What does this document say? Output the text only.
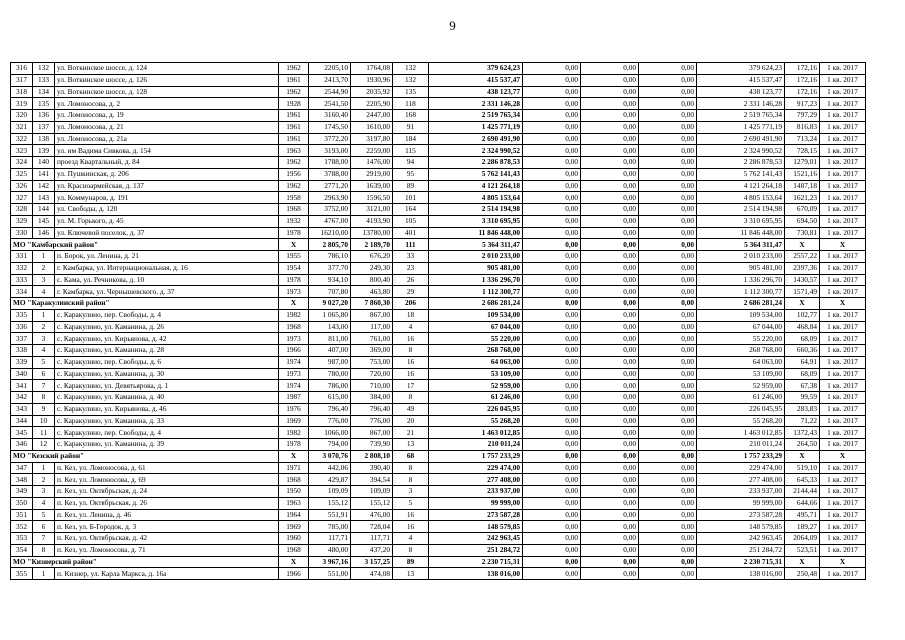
9
316	132	ул. Воткинское шоссе, д. 124	1962	2205,10	1764,08	132	379 624,23	0,00	0,00	0,00	379 624,23	172,16	1 кв. 2017
317	133	ул. Воткинское шоссе, д. 126	1961	2413,70	1930,96	132	415 537,47	0,00	0,00	0,00	415 537,47	172,16	1 кв. 2017
318	134	ул. Воткинское шоссе, д. 128	1962	2544,90	2035,92	135	438 123,77	0,00	0,00	0,00	438 123,77	172,16	1 кв. 2017
319	135	ул. Ломоносова, д. 2	1928	2541,50	2205,90	118	2 331 146,28	0,00	0,00	0,00	2 331 146,28	917,23	1 кв. 2017
320	136	ул. Ломоносова, д. 19	1961	3160,40	2447,00	168	2 519 765,34	0,00	0,00	0,00	2 519 765,34	797,29	1 кв. 2017
321	137	ул. Ломоносова, д. 21	1961	1745,50	1610,00	91	1 425 771,19	0,00	0,00	0,00	1 425 771,19	816,83	1 кв. 2017
322	138	ул. Ломоносова, д. 21а	1961	3772,20	3197,80	184	2 690 491,90	0,00	0,00	0,00	2 690 491,90	713,24	1 кв. 2017
323	139	ул. им Вадима Сивкова, д. 154	1963	3193,00	2259,00	115	2 324 990,52	0,00	0,00	0,00	2 324 990,52	728,15	1 кв. 2017
324	140	проезд Квартальный, д. 84	1962	1788,00	1476,00	94	2 286 878,53	0,00	0,00	0,00	2 286 878,53	1279,01	1 кв. 2017
325	141	ул. Пушкинская, д. 206	1956	3788,00	2919,00	95	5 762 141,43	0,00	0,00	0,00	5 762 141,43	1521,16	1 кв. 2017
326	142	ул. Красноармейская, д. 137	1962	2771,20	1639,00	89	4 121 264,18	0,00	0,00	0,00	4 121 264,18	1487,18	1 кв. 2017
327	143	ул. Коммунаров, д. 191	1958	2963,90	1596,50	101	4 805 153,64	0,00	0,00	0,00	4 805 153,64	1621,23	1 кв. 2017
328	144	ул. Свободы, д. 120	1968	3752,00	3121,00	164	2 514 194,98	0,00	0,00	0,00	2 514 194,98	670,09	1 кв. 2017
329	145	ул. М. Горького, д. 45	1932	4767,00	4193,90	105	3 310 695,95	0,00	0,00	0,00	3 310 695,95	694,50	1 кв. 2017
330	146	ул. Ключевой поселок, д. 37	1978	16210,00	13780,00	401	11 846 448,00	0,00	0,00	0,00	11 846 448,00	730,81	1 кв. 2017
МО "Камбарский район"			X	2 805,70	2 189,70	111	5 364 311,47	0,00	0,00	0,00	5 364 311,47	X	X
331	1	п. Борок, ул. Ленина, д. 21	1955	786,10	676,20	33	2 010 233,00	0,00	0,00	0,00	2 010 233,00	2557,22	1 кв. 2017
332	2	г. Камбарка, ул. Интернациональная, д. 16	1954	377,70	249,30	23	905 481,00	0,00	0,00	0,00	905 481,00	2397,36	1 кв. 2017
333	3	с. Кама, ул. Речникова, д. 10	1978	934,10	800,40	26	1 336 296,70	0,00	0,00	0,00	1 336 296,70	1430,57	1 кв. 2017
334	4	г. Камбарка, ул. Чернышевского, д. 37	1973	707,80	463,80	29	1 112 300,77	0,00	0,00	0,00	1 112 300,77	1571,49	1 кв. 2017
МО "Каракулинский район"			X	9 027,20	7 860,30	206	2 686 281,24	0,00	0,00	0,00	2 686 281,24	X	X
335	1	с. Каракулино, пер. Свободы, д. 4	1982	1 065,80	867,00	18	109 534,00	0,00	0,00	0,00	109 534,00	102,77	1 кв. 2017
336	2	с. Каракулино, ул. Каманина, д. 26	1968	143,00	117,00	4	67 044,00	0,00	0,00	0,00	67 044,00	468,84	1 кв. 2017
337	3	с. Каракулино, ул. Кирьянова, д. 42	1973	811,00	761,00	16	55 220,00	0,00	0,00	0,00	55 220,00	68,09	1 кв. 2017
338	4	с. Каракулино, ул. Каманина, д. 28	1966	407,00	369,00	8	268 768,00	0,00	0,00	0,00	268 768,00	660,36	1 кв. 2017
339	5	с. Каракулино, пер. Свободы, д. 6	1974	987,00	753,00	16	64 063,00	0,00	0,00	0,00	64 063,00	64,91	1 кв. 2017
340	6	с. Каракулино, ул. Каманина, д. 30	1973	780,00	720,00	16	53 109,00	0,00	0,00	0,00	53 109,00	68,09	1 кв. 2017
341	7	с. Каракулино, ул. Девятьярова, д. 1	1974	786,00	710,00	17	52 959,00	0,00	0,00	0,00	52 959,00	67,38	1 кв. 2017
342	8	с. Каракулино, ул. Каманина, д. 40	1987	615,00	384,00	8	61 246,00	0,00	0,00	0,00	61 246,00	99,59	1 кв. 2017
343	9	с. Каракулино, ул. Кирьянова, д. 46	1976	796,40	796,40	49	226 045,95	0,00	0,00	0,00	226 045,95	283,83	1 кв. 2017
344	10	с. Каракулино, ул. Каманина, д. 33	1969	776,00	776,00	20	55 268,20	0,00	0,00	0,00	55 268,20	71,22	1 кв. 2017
345	11	с. Каракулино, пер. Свободы, д. 4	1982	1066,00	867,00	21	1 463 012,85	0,00	0,00	0,00	1 463 012,85	1372,43	1 кв. 2017
346	12	с. Каракулино, ул. Каманина, д. 39	1978	794,00	739,90	13	210 011,24	0,00	0,00	0,00	210 011,24	264,50	1 кв. 2017
МО "Кезский район"			X	3 070,76	2 808,10	68	1 757 233,29	0,00	0,00	0,00	1 757 233,29	X	X
347	1	п. Кез, ул. Ломоносова, д. 61	1971	442,06	390,40	8	229 474,00	0,00	0,00	0,00	229 474,00	519,10	1 кв. 2017
348	2	п. Кез, ул. Ломоносова, д. 69	1968	429,87	394,54	8	277 408,00	0,00	0,00	0,00	277 408,00	645,33	1 кв. 2017
349	3	п. Кез, ул. Октябрьская, д. 24	1950	109,09	109,09	3	233 937,00	0,00	0,00	0,00	233 937,00	2144,44	1 кв. 2017
350	4	п. Кез, ул. Октябрьская, д. 26	1963	155,12	155,12	5	99 999,00	0,00	0,00	0,00	99 999,00	644,66	1 кв. 2017
351	5	п. Кез, ул. Ленина, д. 46	1964	551,91	476,00	16	273 587,28	0,00	0,00	0,00	273 587,28	495,71	1 кв. 2017
352	6	п. Кез, ул. Б-Городок, д. 3	1969	785,00	728,04	16	148 579,85	0,00	0,00	0,00	148 579,85	189,27	1 кв. 2017
353	7	п. Кез, ул. Октябрьская, д. 42	1960	117,71	117,71	4	242 963,45	0,00	0,00	0,00	242 963,45	2064,09	1 кв. 2017
354	8	п. Кез, ул. Ломоносова, д. 71	1968	480,00	437,20	8	251 284,72	0,00	0,00	0,00	251 284,72	523,51	1 кв. 2017
МО "Кизнерский район"			X	3 967,16	3 157,25	89	2 230 715,31	0,00	0,00	0,00	2 230 715,31	X	X
355	1	п. Кизнер, ул. Карла Маркса, д. 16а	1966	551,00	474,08	13	138 016,00	0,00	0,00	0,00	138 016,00	250,48	1 кв. 2017
